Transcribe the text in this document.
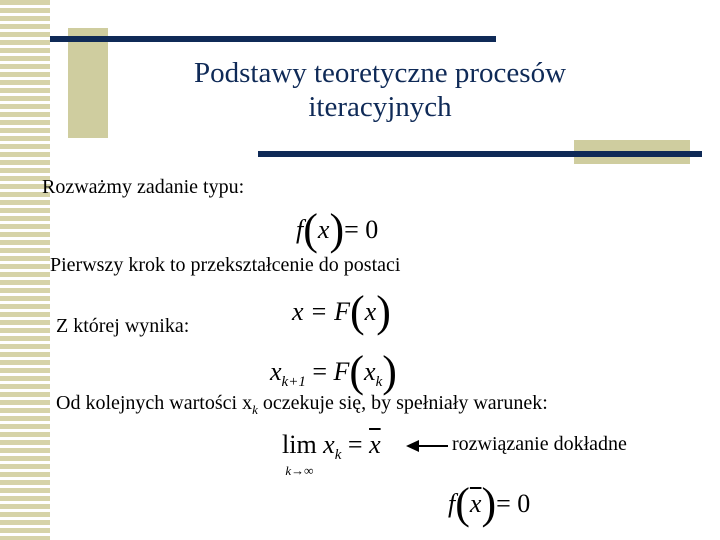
Podstawy teoretyczne procesów
iteracyjnych
Rozważmy zadanie typu:
f(x)= 0
Pierwszy krok to przekształcenie do postaci
x = F(x)
Z której wynika:
$x_{k+1} = F(x_k)$
Od kolejnych wartości $x_k$ oczekuje się, by spełniały warunek:
lim
$^{k\to\infty}$ $x_k = \overline{x}$	rozwiązanie dokładne
$f(\overline{x})= 0$
